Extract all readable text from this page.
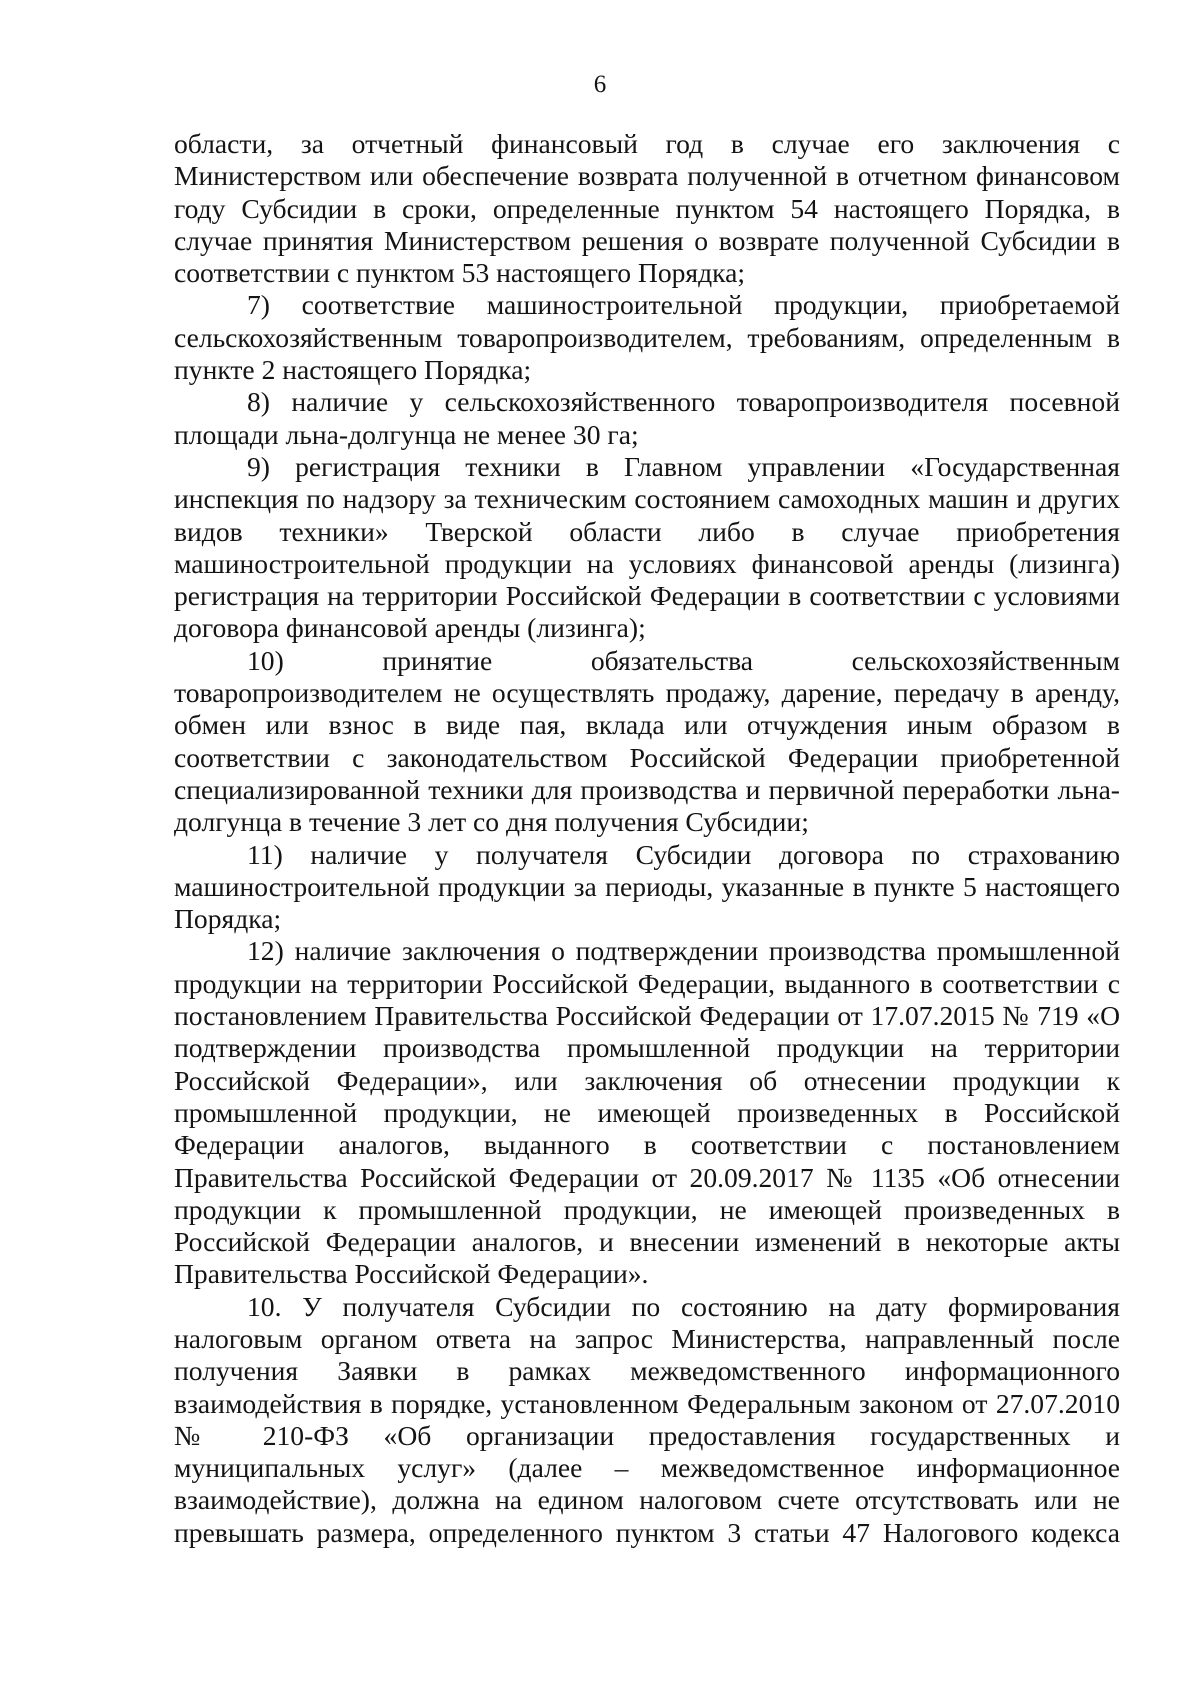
6

области, за отчетный финансовый год в случае его заключения с Министерством или обеспечение возврата полученной в отчетном финансовом году Субсидии в сроки, определенные пунктом 54 настоящего Порядка, в случае принятия Министерством решения о возврате полученной Субсидии в соответствии с пунктом 53 настоящего Порядка;

7) соответствие машиностроительной продукции, приобретаемой сельскохозяйственным товаропроизводителем, требованиям, определенным в пункте 2 настоящего Порядка;

8) наличие у сельскохозяйственного товаропроизводителя посевной площади льна-долгунца не менее 30 га;

9) регистрация техники в Главном управлении «Государственная инспекция по надзору за техническим состоянием самоходных машин и других видов техники» Тверской области либо в случае приобретения машиностроительной продукции на условиях финансовой аренды (лизинга) регистрация на территории Российской Федерации в соответствии с условиями договора финансовой аренды (лизинга);

10) принятие обязательства сельскохозяйственным товаропроизводителем не осуществлять продажу, дарение, передачу в аренду, обмен или взнос в виде пая, вклада или отчуждения иным образом в соответствии с законодательством Российской Федерации приобретенной специализированной техники для производства и первичной переработки льна-долгунца в течение 3 лет со дня получения Субсидии;

11) наличие у получателя Субсидии договора по страхованию машиностроительной продукции за периоды, указанные в пункте 5 настоящего Порядка;

12) наличие заключения о подтверждении производства промышленной продукции на территории Российской Федерации, выданного в соответствии с постановлением Правительства Российской Федерации от 17.07.2015 № 719 «О подтверждении производства промышленной продукции на территории Российской Федерации», или заключения об отнесении продукции к промышленной продукции, не имеющей произведенных в Российской Федерации аналогов, выданного в соответствии с постановлением Правительства Российской Федерации от 20.09.2017 № 1135 «Об отнесении продукции к промышленной продукции, не имеющей произведенных в Российской Федерации аналогов, и внесении изменений в некоторые акты Правительства Российской Федерации».

10. У получателя Субсидии по состоянию на дату формирования налоговым органом ответа на запрос Министерства, направленный после получения Заявки в рамках межведомственного информационного взаимодействия в порядке, установленном Федеральным законом от 27.07.2010 № 210-ФЗ «Об организации предоставления государственных и муниципальных услуг» (далее – межведомственное информационное взаимодействие), должна на едином налоговом счете отсутствовать или не превышать размера, определенного пунктом 3 статьи 47 Налогового кодекса
